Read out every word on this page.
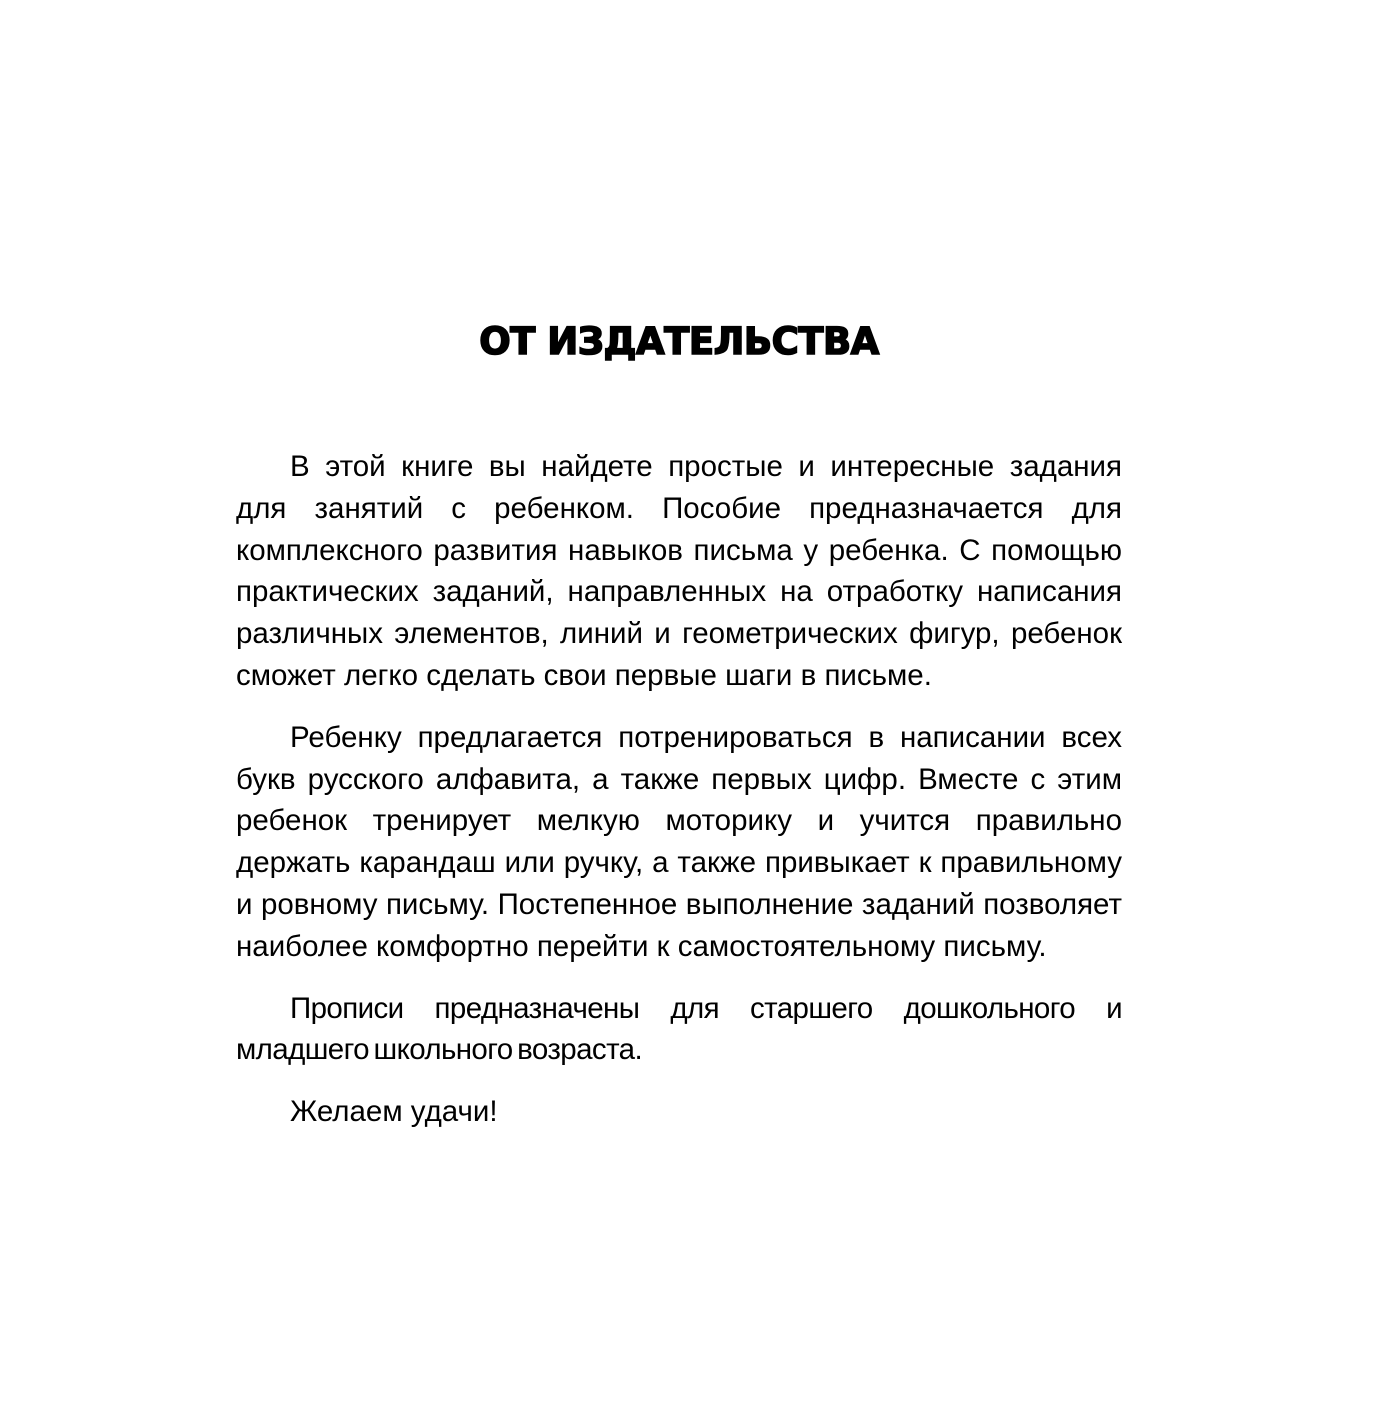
ОТ ИЗДАТЕЛЬСТВА

В этой книге вы найдете простые и интересные задания для занятий с ребенком. Пособие предназначается для комплексного развития навыков письма у ребенка. С помощью практических заданий, направленных на отработку написания различных элементов, линий и геометрических фигур, ребенок сможет легко сделать свои первые шаги в письме.

Ребенку предлагается потренироваться в написании всех букв русского алфавита, а также первых цифр. Вместе с этим ребенок тренирует мелкую моторику и учится правильно держать карандаш или ручку, а также привыкает к правильному и ровному письму. Постепенное выполнение заданий позволяет наиболее комфортно перейти к самостоятельному письму.

Прописи предназначены для старшего дошкольного и младшего школьного возраста.

Желаем удачи!
